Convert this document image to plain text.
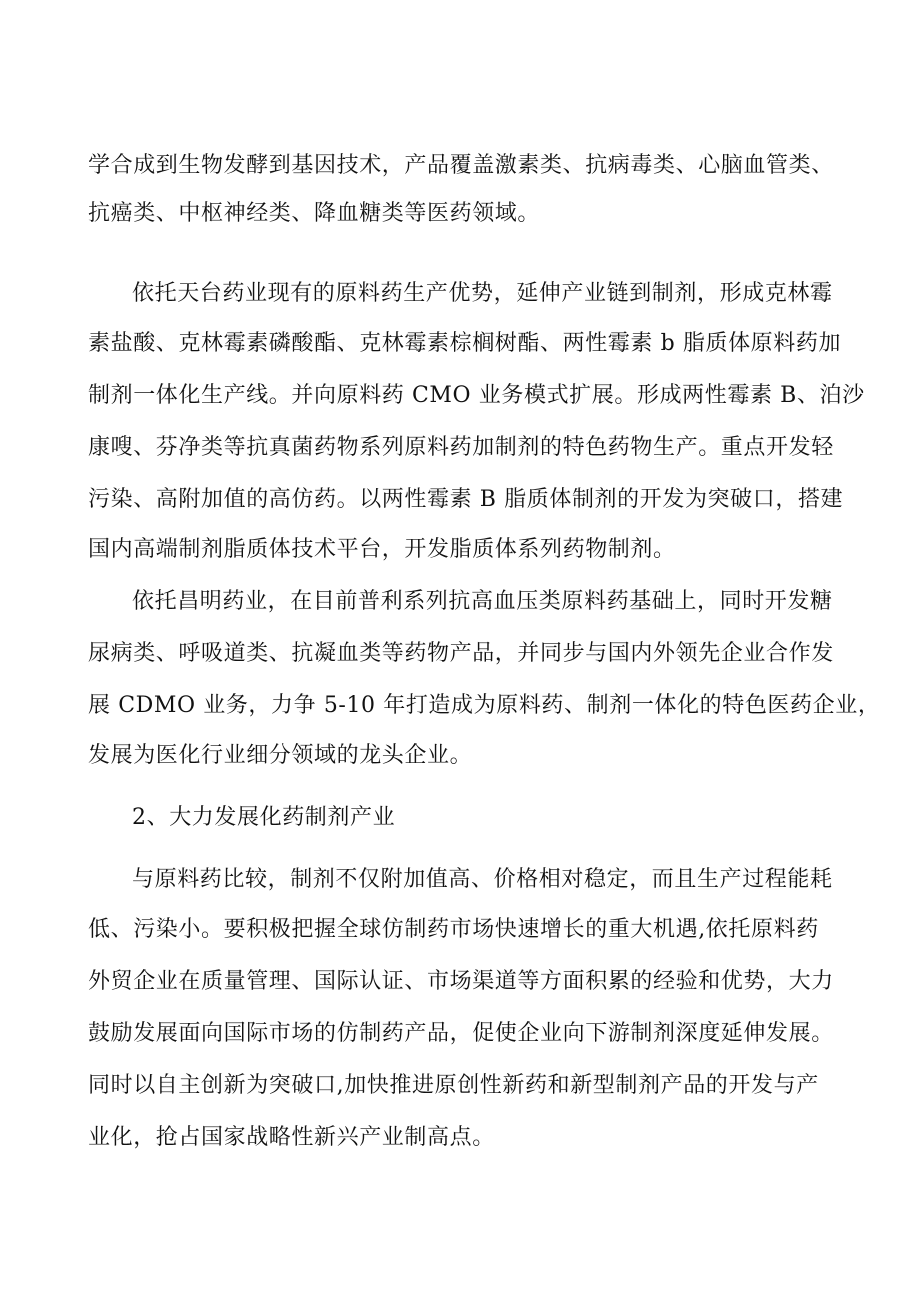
学合成到生物发酵到基因技术，产品覆盖激素类、抗病毒类、心脑血管类、
抗癌类、中枢神经类、降血糖类等医药领域。
依托天台药业现有的原料药生产优势，延伸产业链到制剂，形成克林霉
素盐酸、克林霉素磷酸酯、克林霉素棕榈树酯、两性霉素 b 脂质体原料药加
制剂一体化生产线。并向原料药 CMO 业务模式扩展。形成两性霉素 B、泊沙
康嗖、芬净类等抗真菌药物系列原料药加制剂的特色药物生产。重点开发轻
污染、高附加值的高仿药。以两性霉素 B 脂质体制剂的开发为突破口，搭建
国内高端制剂脂质体技术平台，开发脂质体系列药物制剂。
依托昌明药业，在目前普利系列抗高血压类原料药基础上，同时开发糖
尿病类、呼吸道类、抗凝血类等药物产品，并同步与国内外领先企业合作发
展 CDMO 业务，力争 5-10 年打造成为原料药、制剂一体化的特色医药企业，
发展为医化行业细分领域的龙头企业。
2、大力发展化药制剂产业
与原料药比较，制剂不仅附加值高、价格相对稳定，而且生产过程能耗
低、污染小。要积极把握全球仿制药市场快速增长的重大机遇,依托原料药
外贸企业在质量管理、国际认证、市场渠道等方面积累的经验和优势，大力
鼓励发展面向国际市场的仿制药产品，促使企业向下游制剂深度延伸发展。
同时以自主创新为突破口,加快推进原创性新药和新型制剂产品的开发与产
业化，抢占国家战略性新兴产业制高点。
